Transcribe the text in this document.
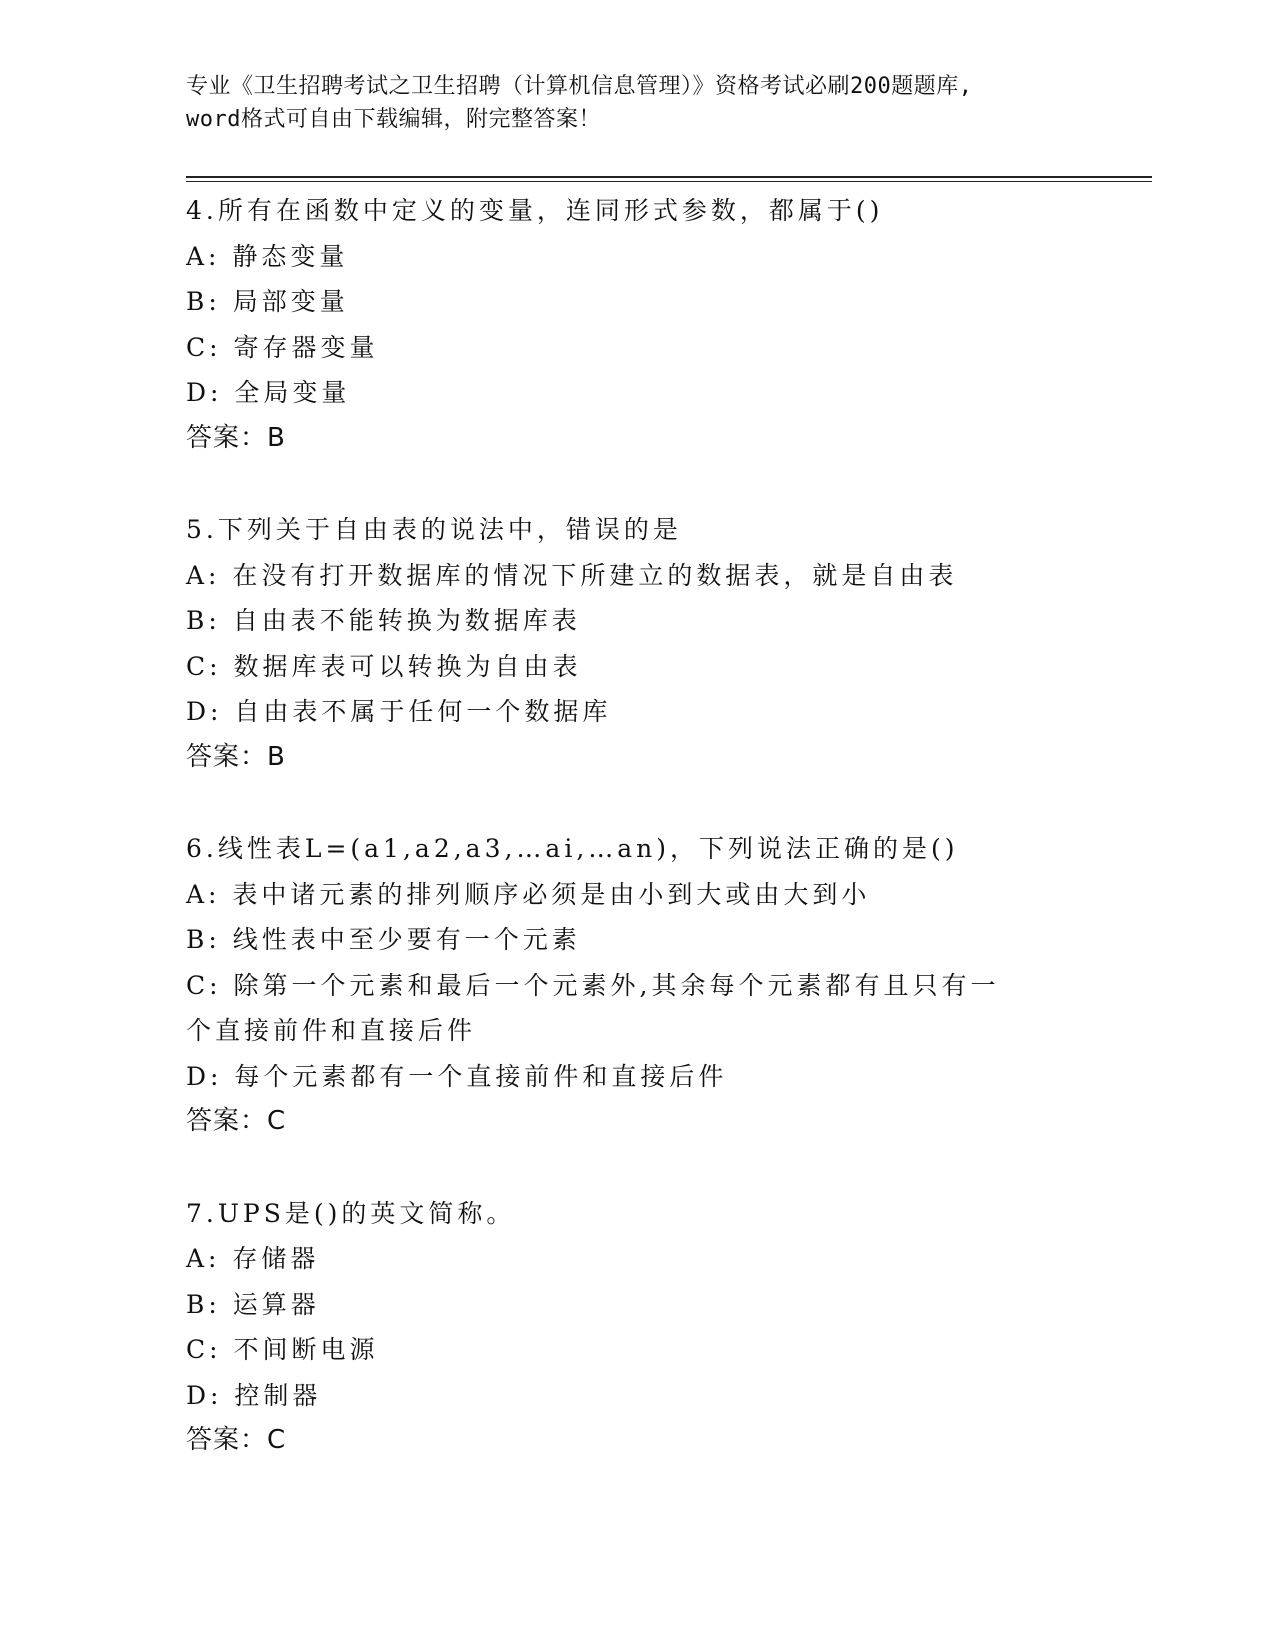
专业《卫生招聘考试之卫生招聘（计算机信息管理）》资格考试必刷200题题库,
word格式可自由下载编辑，附完整答案！
4.所有在函数中定义的变量，连同形式参数，都属于()
A: 静态变量
B: 局部变量
C: 寄存器变量
D: 全局变量
答案：B
5.下列关于自由表的说法中，错误的是
A: 在没有打开数据库的情况下所建立的数据表，就是自由表
B: 自由表不能转换为数据库表
C: 数据库表可以转换为自由表
D: 自由表不属于任何一个数据库
答案：B
6.线性表L=(a1,a2,a3,…ai,…an)，下列说法正确的是()
A: 表中诸元素的排列顺序必须是由小到大或由大到小
B: 线性表中至少要有一个元素
C: 除第一个元素和最后一个元素外,其余每个元素都有且只有一个直接前件和直接后件
D: 每个元素都有一个直接前件和直接后件
答案：C
7.UPS是()的英文简称。
A: 存储器
B: 运算器
C: 不间断电源
D: 控制器
答案：C
